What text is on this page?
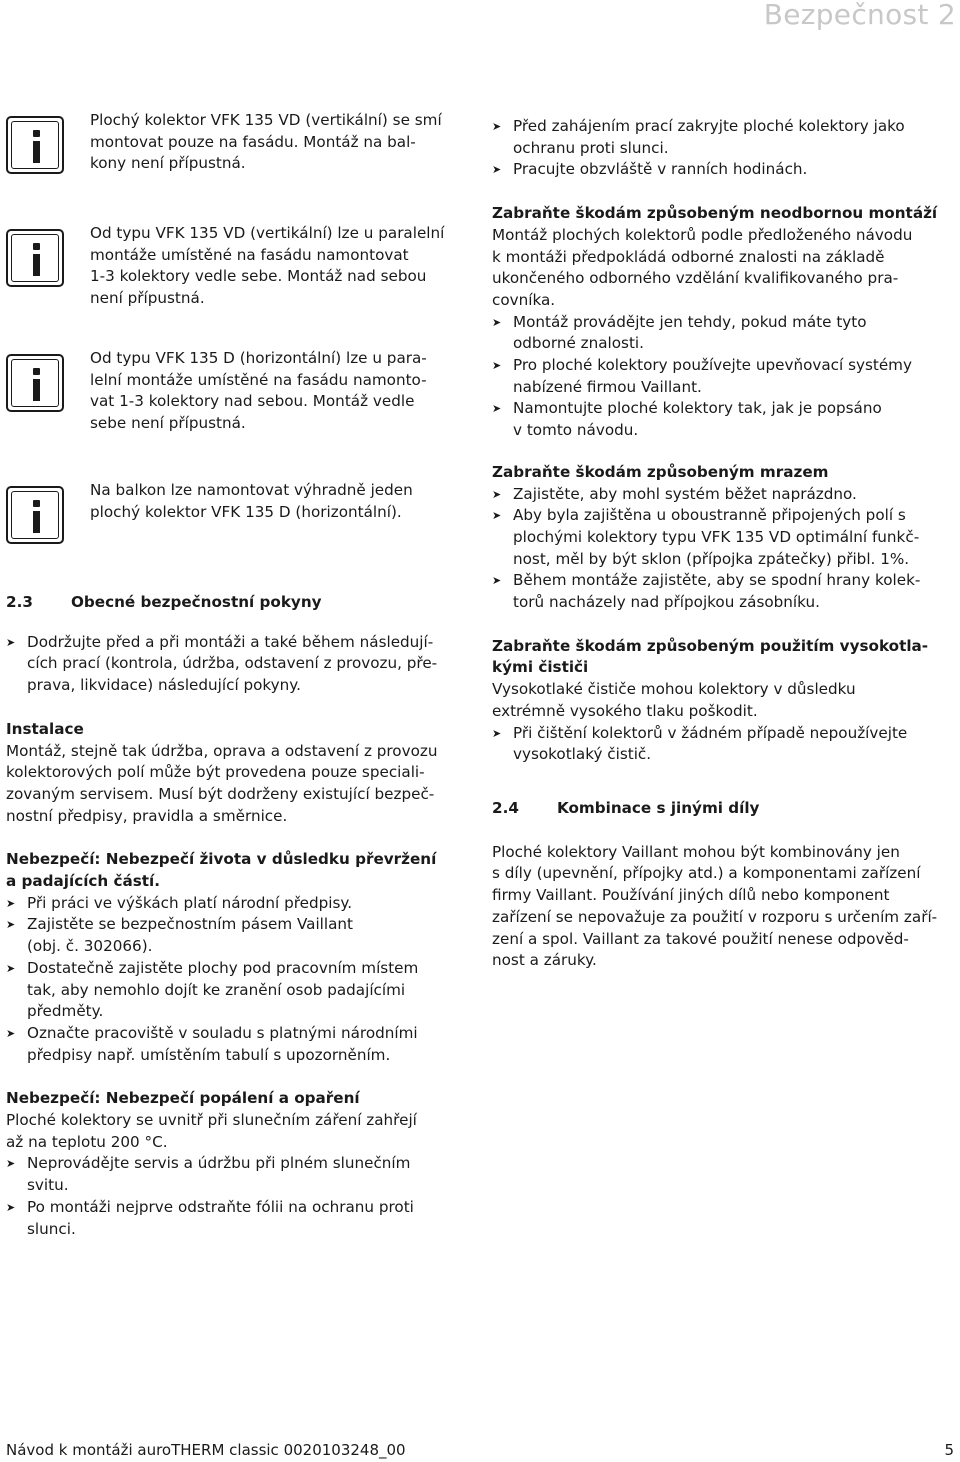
Bezpečnost 2

Plochý kolektor VFK 135 VD (vertikální) se smí

montovat pouze na fasádu. Montáž na bal-

kony není přípustná.

Od typu VFK 135 VD (vertikální) lze u paralelní

montáže umístěné na fasádu namontovat

1-3 kolektory vedle sebe. Montáž nad sebou

není přípustná.

Od typu VFK 135 D (horizontální) lze u para-

lelní montáže umístěné na fasádu namonto-

vat 1-3 kolektory nad sebou. Montáž vedle

sebe není přípustná.

Na balkon lze namontovat výhradně jeden

plochý kolektor VFK 135 D (horizontální).

2.3	Obecné bezpečnostní pokyny

➤ Dodržujte před a při montáži a také během následují-

cích prací (kontrola, údržba, odstavení z provozu, pře-

prava, likvidace) následující pokyny.

Instalace

Montáž, stejně tak údržba, oprava a odstavení z provozu

kolektorových polí může být provedena pouze speciali-

zovaným servisem. Musí být dodrženy existující bezpeč-

nostní předpisy, pravidla a směrnice.

Nebezpečí: Nebezpečí života v důsledku převržení

a padajících částí.

➤ Při práci ve výškách platí národní předpisy.

➤ Zajistěte se bezpečnostním pásem Vaillant

(obj. č. 302066).

➤ Dostatečně zajistěte plochy pod pracovním místem

tak, aby nemohlo dojít ke zranění osob padajícími

předměty.

➤ Označte pracoviště v souladu s platnými národními

předpisy např. umístěním tabulí s upozorněním.

Nebezpečí: Nebezpečí popálení a opaření

Ploché kolektory se uvnitř při slunečním záření zahřejí

až na teplotu 200 °C.

➤ Neprovádějte servis a údržbu při plném slunečním

svitu.

➤ Po montáži nejprve odstraňte fólii na ochranu proti

slunci.

➤ Před zahájením prací zakryjte ploché kolektory jako

ochranu proti slunci.

➤ Pracujte obzvláště v ranních hodinách.

Zabraňte škodám způsobeným neodbornou montáží

Montáž plochých kolektorů podle předloženého návodu

k montáži předpokládá odborné znalosti na základě

ukončeného odborného vzdělání kvalifikovaného pra-

covníka.

➤ Montáž provádějte jen tehdy, pokud máte tyto

odborné znalosti.

➤ Pro ploché kolektory používejte upevňovací systémy

nabízené firmou Vaillant.

➤ Namontujte ploché kolektory tak, jak je popsáno

v tomto návodu.

Zabraňte škodám způsobeným mrazem

➤ Zajistěte, aby mohl systém běžet naprázdno.

➤ Aby byla zajištěna u oboustranně připojených polí s

plochými kolektory typu VFK 135 VD optimální funkč-

nost, měl by být sklon (přípojka zpátečky) přibl. 1%.

➤ Během montáže zajistěte, aby se spodní hrany kolek-

torů nacházely nad přípojkou zásobníku.

Zabraňte škodám způsobeným použitím vysokotla-

kými čističi

Vysokotlaké čističe mohou kolektory v důsledku

extrémně vysokého tlaku poškodit.

➤ Při čištění kolektorů v žádném případě nepoužívejte

vysokotlaký čistič.

2.4	Kombinace s jinými díly

Ploché kolektory Vaillant mohou být kombinovány jen

s díly (upevnění, přípojky atd.) a komponentami zařízení

firmy Vaillant. Používání jiných dílů nebo komponent

zařízení se nepovažuje za použití v rozporu s určením zaří-

zení a spol. Vaillant za takové použití nenese odpověd-

nost a záruky.

Návod k montáži auroTHERM classic 0020103248_00	5
